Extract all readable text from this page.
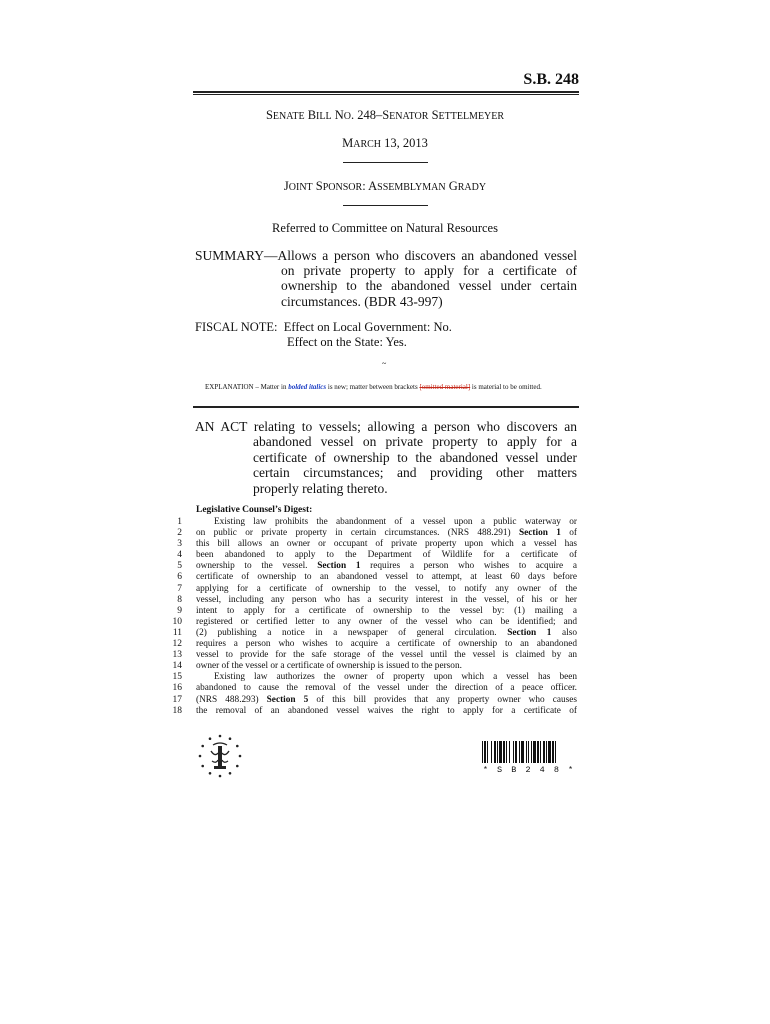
S.B. 248
SENATE BILL NO. 248–SENATOR SETTELMEYER
MARCH 13, 2013
JOINT SPONSOR: ASSEMBLYMAN GRADY
Referred to Committee on Natural Resources
SUMMARY—Allows a person who discovers an abandoned vessel
on private property to apply for a certificate of
ownership to the abandoned vessel under certain
circumstances. (BDR 43-997)
FISCAL NOTE: Effect on Local Government: No.
Effect on the State: Yes.
~
EXPLANATION – Matter in bolded italics is new; matter between brackets [omitted material] is material to be omitted.
AN ACT relating to vessels; allowing a person who discovers an
abandoned vessel on private property to apply for a
certificate of ownership to the abandoned vessel under
certain circumstances; and providing other matters
properly relating thereto.
Legislative Counsel’s Digest:
1
2
3
4
5
6
7
8
9
10
11
12
13
14
15
16
17
18
Existing law prohibits the abandonment of a vessel upon a public waterway or
on public or private property in certain circumstances. (NRS 488.291) Section 1 of
this bill allows an owner or occupant of private property upon which a vessel has
been abandoned to apply to the Department of Wildlife for a certificate of
ownership to the vessel. Section 1 requires a person who wishes to acquire a
certificate of ownership to an abandoned vessel to attempt, at least 60 days before
applying for a certificate of ownership to the vessel, to notify any owner of the
vessel, including any person who has a security interest in the vessel, of his or her
intent to apply for a certificate of ownership to the vessel by: (1) mailing a
registered or certified letter to any owner of the vessel who can be identified; and
(2) publishing a notice in a newspaper of general circulation. Section 1 also
requires a person who wishes to acquire a certificate of ownership to an abandoned
vessel to provide for the safe storage of the vessel until the vessel is claimed by an
owner of the vessel or a certificate of ownership is issued to the person.
Existing law authorizes the owner of property upon which a vessel has been
abandoned to cause the removal of the vessel under the direction of a peace officer.
(NRS 488.293) Section 5 of this bill provides that any property owner who causes
the removal of an abandoned vessel waives the right to apply for a certificate of
* S B 2 4 8 *
